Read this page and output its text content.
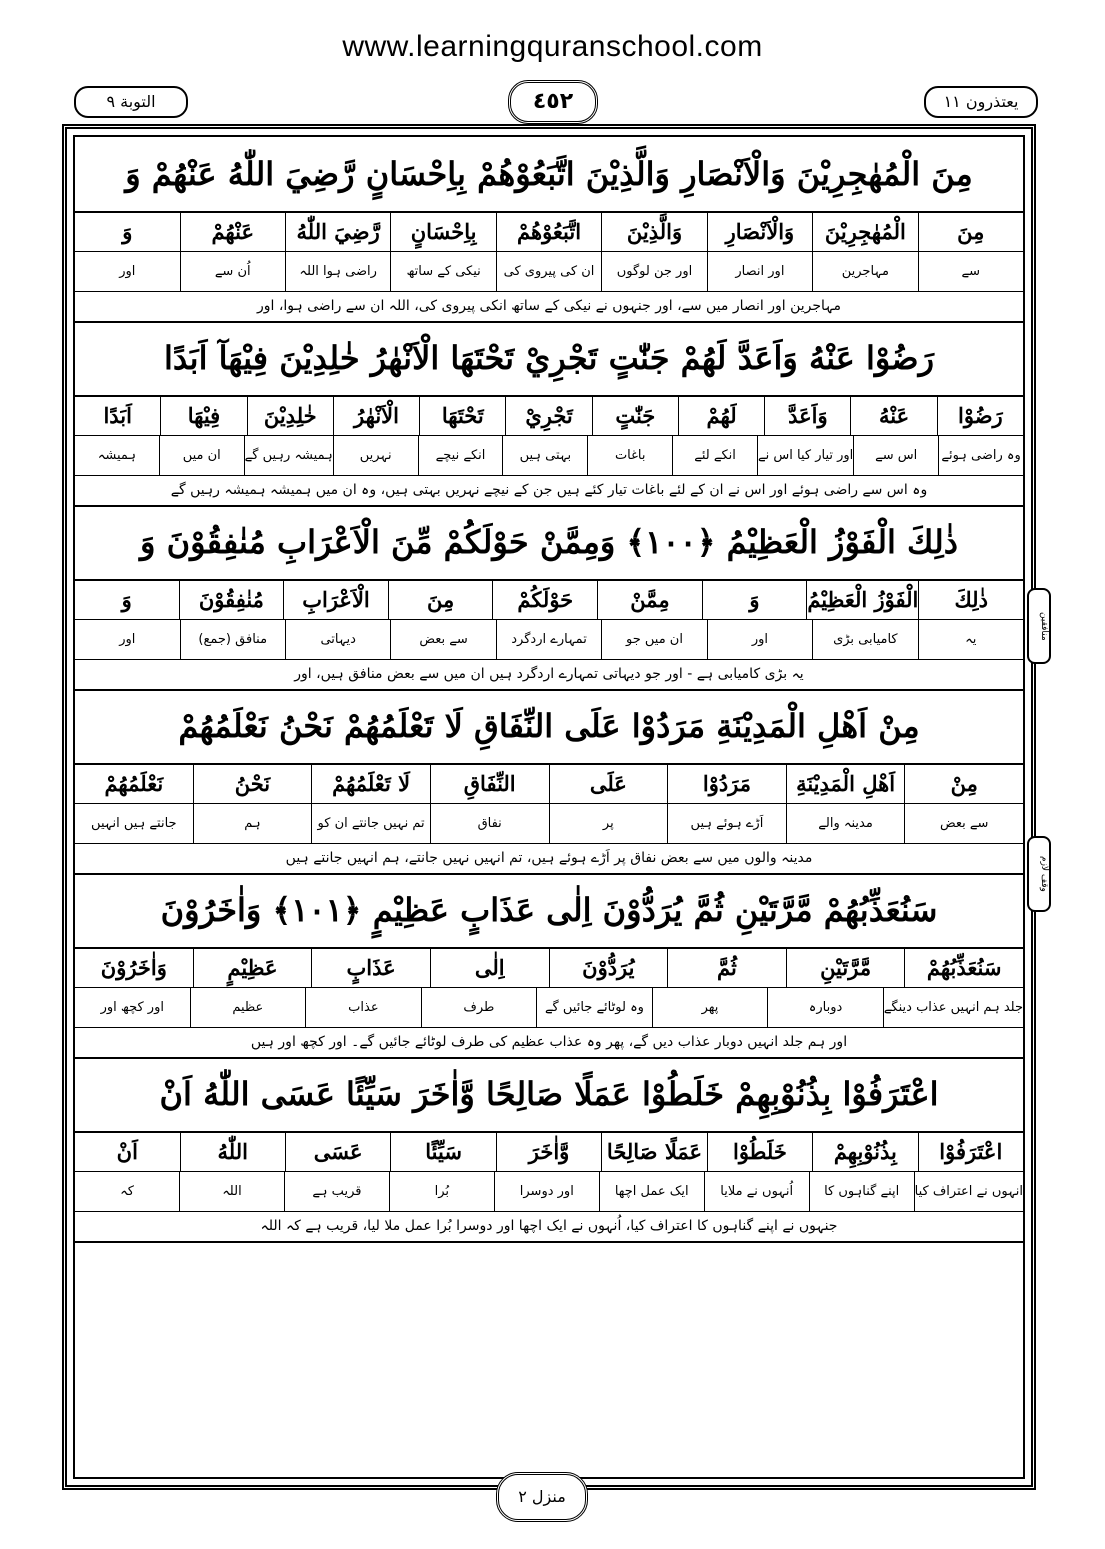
www.learningquranschool.com
التوبة ٩	٤٥٢	يعتذرون ١١
مِنَ الْمُهٰجِرِيْنَ وَالْاَنْصَارِ وَالَّذِيْنَ اتَّبَعُوْهُمْ بِاِحْسَانٍ رَّضِيَ اللّٰهُ عَنْهُمْ وَ
مِنَ
الْمُهٰجِرِيْنَ
وَالْاَنْصَارِ
وَالَّذِيْنَ
اتَّبَعُوْهُمْ
بِاِحْسَانٍ
رَّضِيَ اللّٰهُ
عَنْهُمْ
وَ
سے
مہاجرین
اور انصار
اور جن لوگوں
ان کی پیروی کی
نیکی کے ساتھ
راضی ہوا اللہ
اُن سے
اور
مہاجرین اور انصار میں سے، اور جنہوں نے نیکی کے ساتھ انکی پیروی کی، اللہ ان سے راضی ہوا، اور
رَضُوْا عَنْهُ وَاَعَدَّ لَهُمْ جَنّٰتٍ تَجْرِيْ تَحْتَهَا الْاَنْهٰرُ خٰلِدِيْنَ فِيْهَآ اَبَدًا
رَضُوْا
عَنْهُ
وَاَعَدَّ
لَهُمْ
جَنّٰتٍ
تَجْرِيْ
تَحْتَهَا
الْاَنْهٰرُ
خٰلِدِيْنَ
فِيْهَا
اَبَدًا
وہ راضی ہوئے
اس سے
اور تیار کیا اس نے
انکے لئے
باغات
بہتی ہیں
انکے نیچے
نہریں
ہمیشہ رہیں گے
ان میں
ہمیشہ
وہ اس سے راضی ہوئے اور اس نے ان کے لئے باغات تیار کئے ہیں جن کے نیچے نہریں بہتی ہیں، وہ ان میں ہمیشہ ہمیشہ رہیں گے
ذٰلِكَ الْفَوْزُ الْعَظِيْمُ ﴿١٠٠﴾ وَمِمَّنْ حَوْلَكُمْ مِّنَ الْاَعْرَابِ مُنٰفِقُوْنَ وَ
ذٰلِكَ
الْفَوْزُ الْعَظِيْمُ
وَ
مِمَّنْ
حَوْلَكُمْ
مِنَ
الْاَعْرَابِ
مُنٰفِقُوْنَ
وَ
یہ
کامیابی بڑی
اور
ان میں جو
تمہارے اردگرد
سے بعض
دیہاتی
منافق (جمع)
اور
یہ بڑی کامیابی ہے - اور جو دیہاتی تمہارے اردگرد ہیں ان میں سے بعض منافق ہیں، اور
مِنْ اَهْلِ الْمَدِيْنَةِ مَرَدُوْا عَلَى النِّفَاقِ لَا تَعْلَمُهُمْ نَحْنُ نَعْلَمُهُمْ
مِنْ
اَهْلِ الْمَدِيْنَةِ
مَرَدُوْا
عَلَى
النِّفَاقِ
لَا تَعْلَمُهُمْ
نَحْنُ
نَعْلَمُهُمْ
سے بعض
مدینہ والے
اَڑے ہوئے ہیں
پر
نفاق
تم نہیں جانتے ان کو
ہم
جانتے ہیں انہیں
مدینہ والوں میں سے بعض نفاق پر اَڑے ہوئے ہیں، تم انہیں نہیں جانتے، ہم انہیں جانتے ہیں
سَنُعَذِّبُهُمْ مَّرَّتَيْنِ ثُمَّ يُرَدُّوْنَ اِلٰى عَذَابٍ عَظِيْمٍ ﴿١٠١﴾ وَاٰخَرُوْنَ
سَنُعَذِّبُهُمْ
مَّرَّتَيْنِ
ثُمَّ
يُرَدُّوْنَ
اِلٰى
عَذَابٍ
عَظِيْمٍ
وَاٰخَرُوْنَ
جلد ہم انہیں عذاب دینگے
دوبارہ
پھر
وہ لوٹائے جائیں گے
طرف
عذاب
عظیم
اور کچھ اور
اور ہم جلد انہیں دوبار عذاب دیں گے، پھر وہ عذاب عظیم کی طرف لوٹائے جائیں گے۔ اور کچھ اور ہیں
اعْتَرَفُوْا بِذُنُوْبِهِمْ خَلَطُوْا عَمَلًا صَالِحًا وَّاٰخَرَ سَيِّئًا عَسَى اللّٰهُ اَنْ
اعْتَرَفُوْا
بِذُنُوْبِهِمْ
خَلَطُوْا
عَمَلًا صَالِحًا
وَّاٰخَرَ
سَيِّئًا
عَسَى
اللّٰهُ
اَنْ
انہوں نے اعتراف کیا
اپنے گناہوں کا
اُنہوں نے ملایا
ایک عمل اچھا
اور دوسرا
بُرا
قریب ہے
اللہ
کہ
جنہوں نے اپنے گناہوں کا اعتراف کیا، اُنہوں نے ایک اچھا اور دوسرا بُرا عمل ملا لیا، قریب ہے کہ اللہ
منافقين
وقف لازم
منزل ٢
